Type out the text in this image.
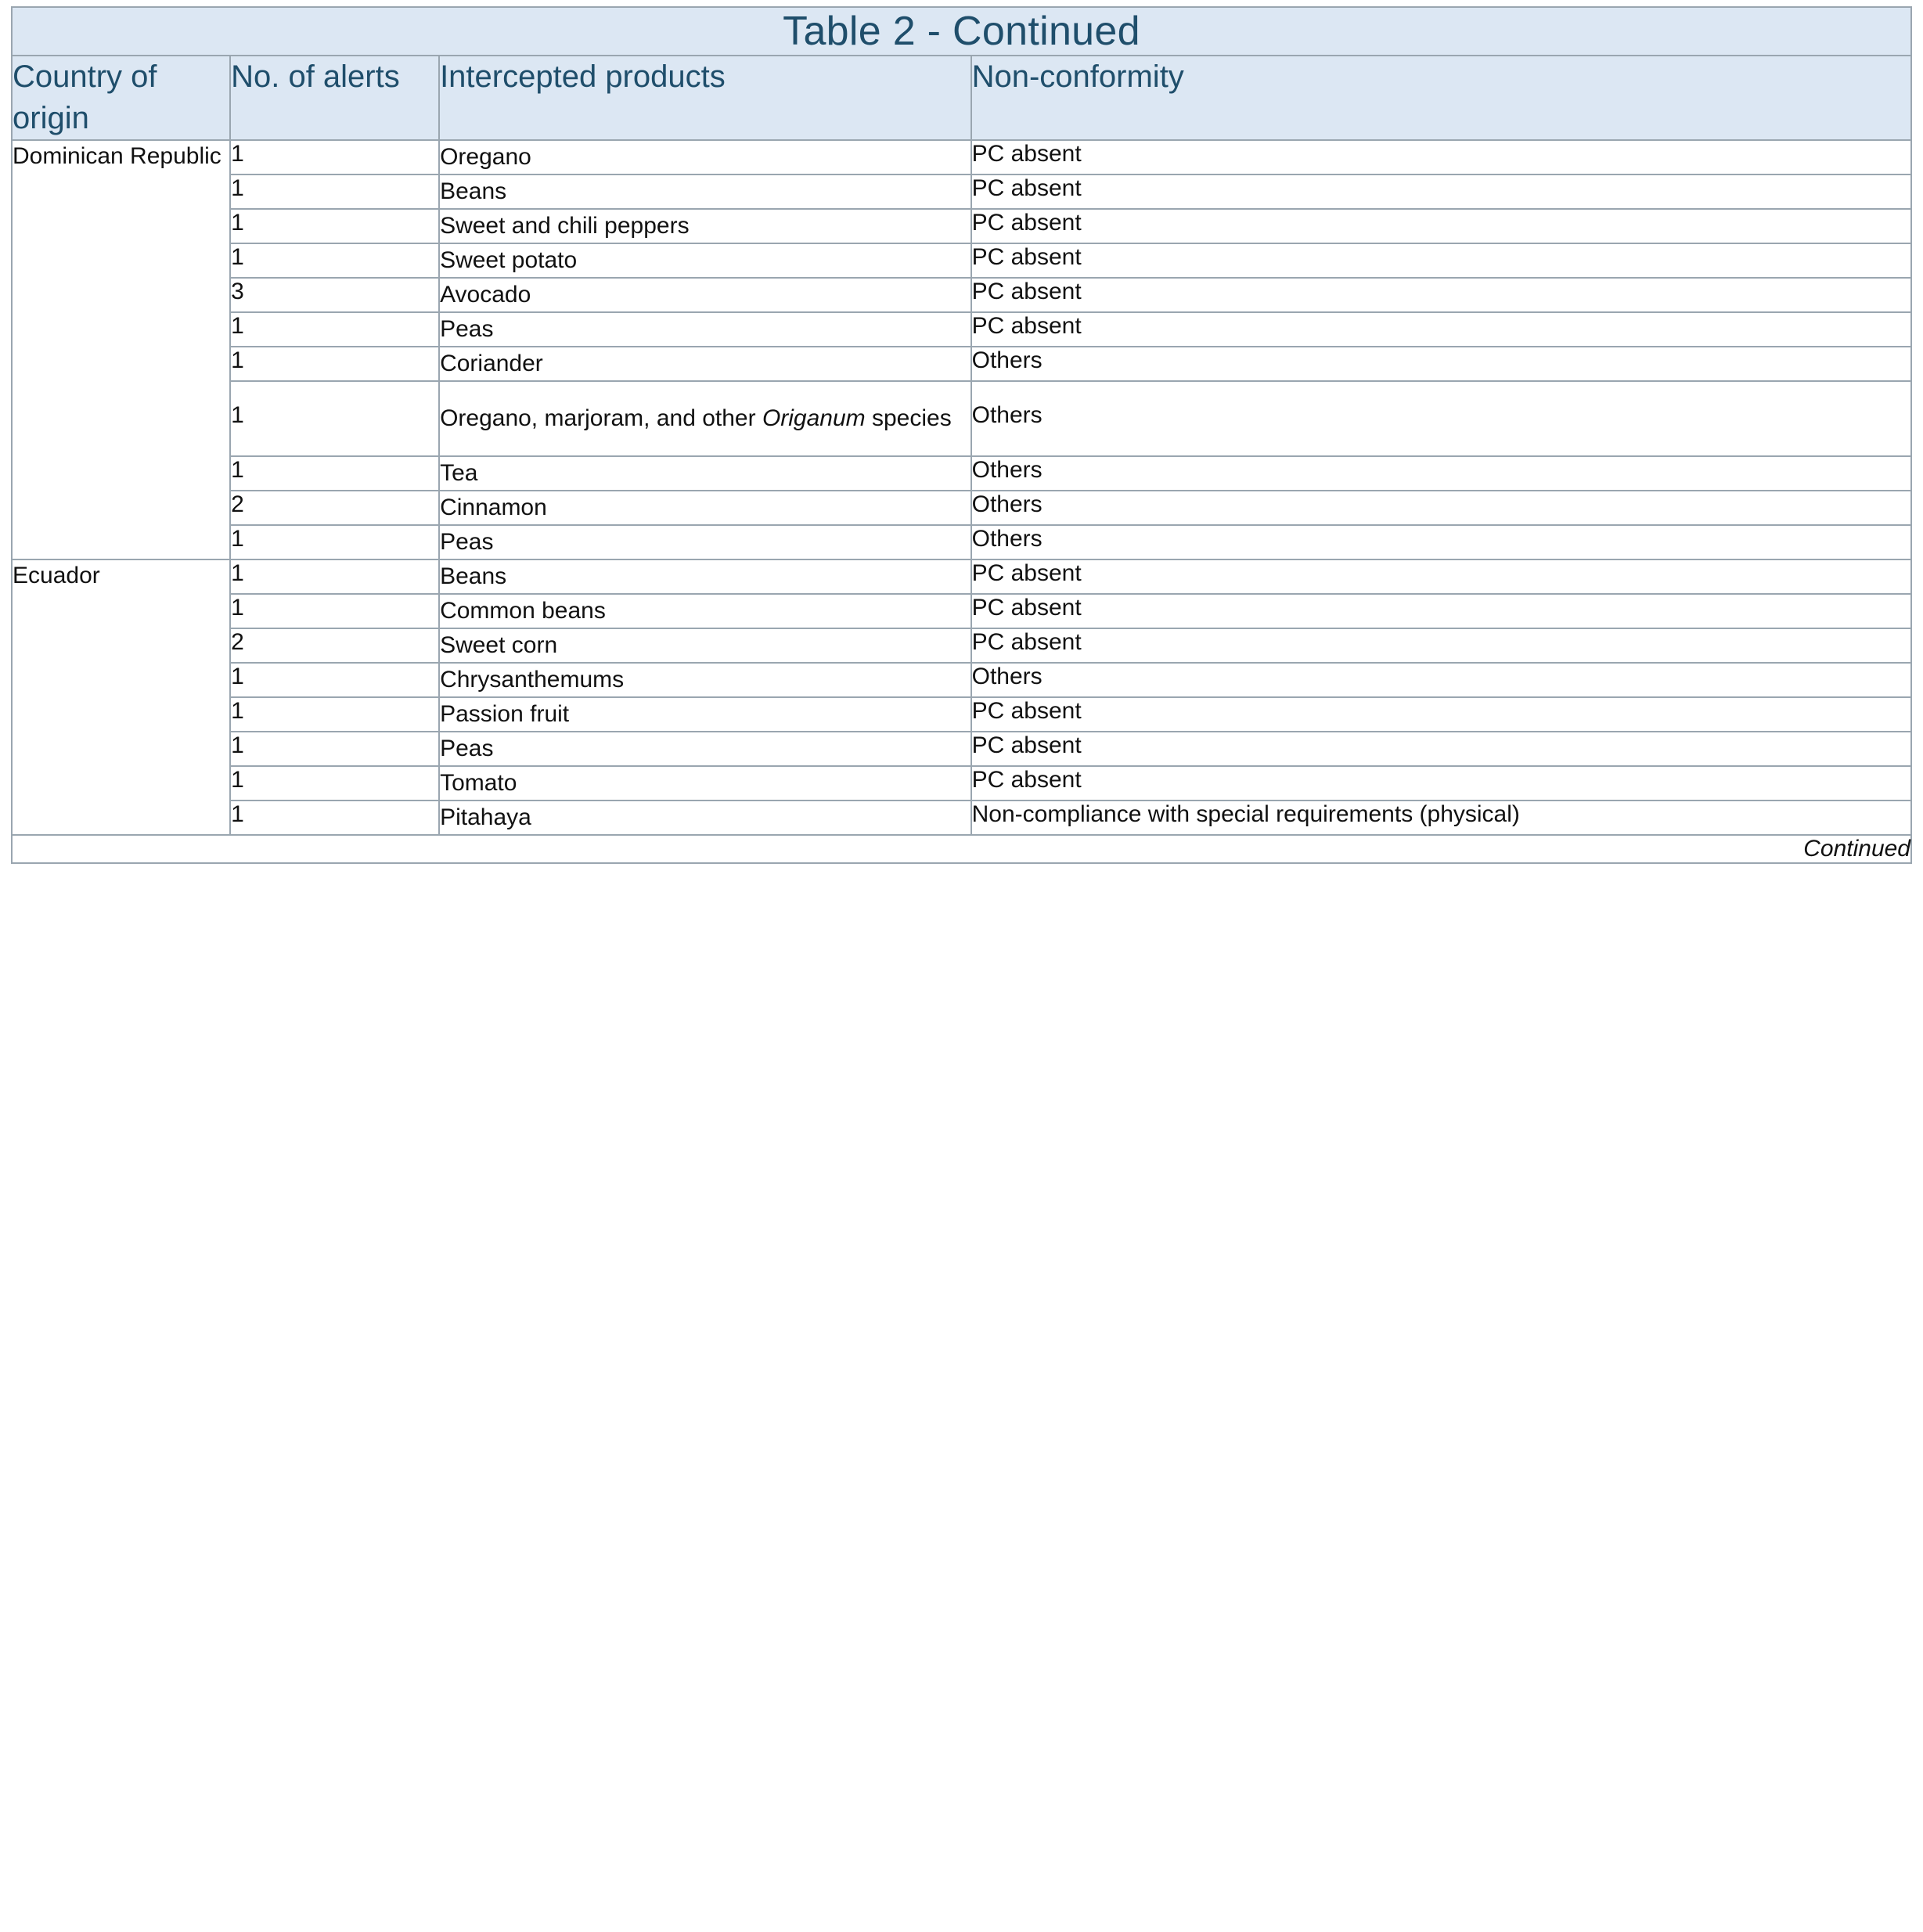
Table 2 - Continued			
Country of origin	No. of alerts	Intercepted products	Non-conformity
Dominican Republic	1	Oregano	PC absent
	1	Beans	PC absent
	1	Sweet and chili peppers	PC absent
	1	Sweet potato	PC absent
	3	Avocado	PC absent
	1	Peas	PC absent
	1	Coriander	Others
	1	Oregano, marjoram, and other Origanum species	Others
	1	Tea	Others
	2	Cinnamon	Others
	1	Peas	Others
Ecuador	1	Beans	PC absent
	1	Common beans	PC absent
	2	Sweet corn	PC absent
	1	Chrysanthemums	Others
	1	Passion fruit	PC absent
	1	Peas	PC absent
	1	Tomato	PC absent
	1	Pitahaya	Non-compliance with special requirements (physical)
Continued			
